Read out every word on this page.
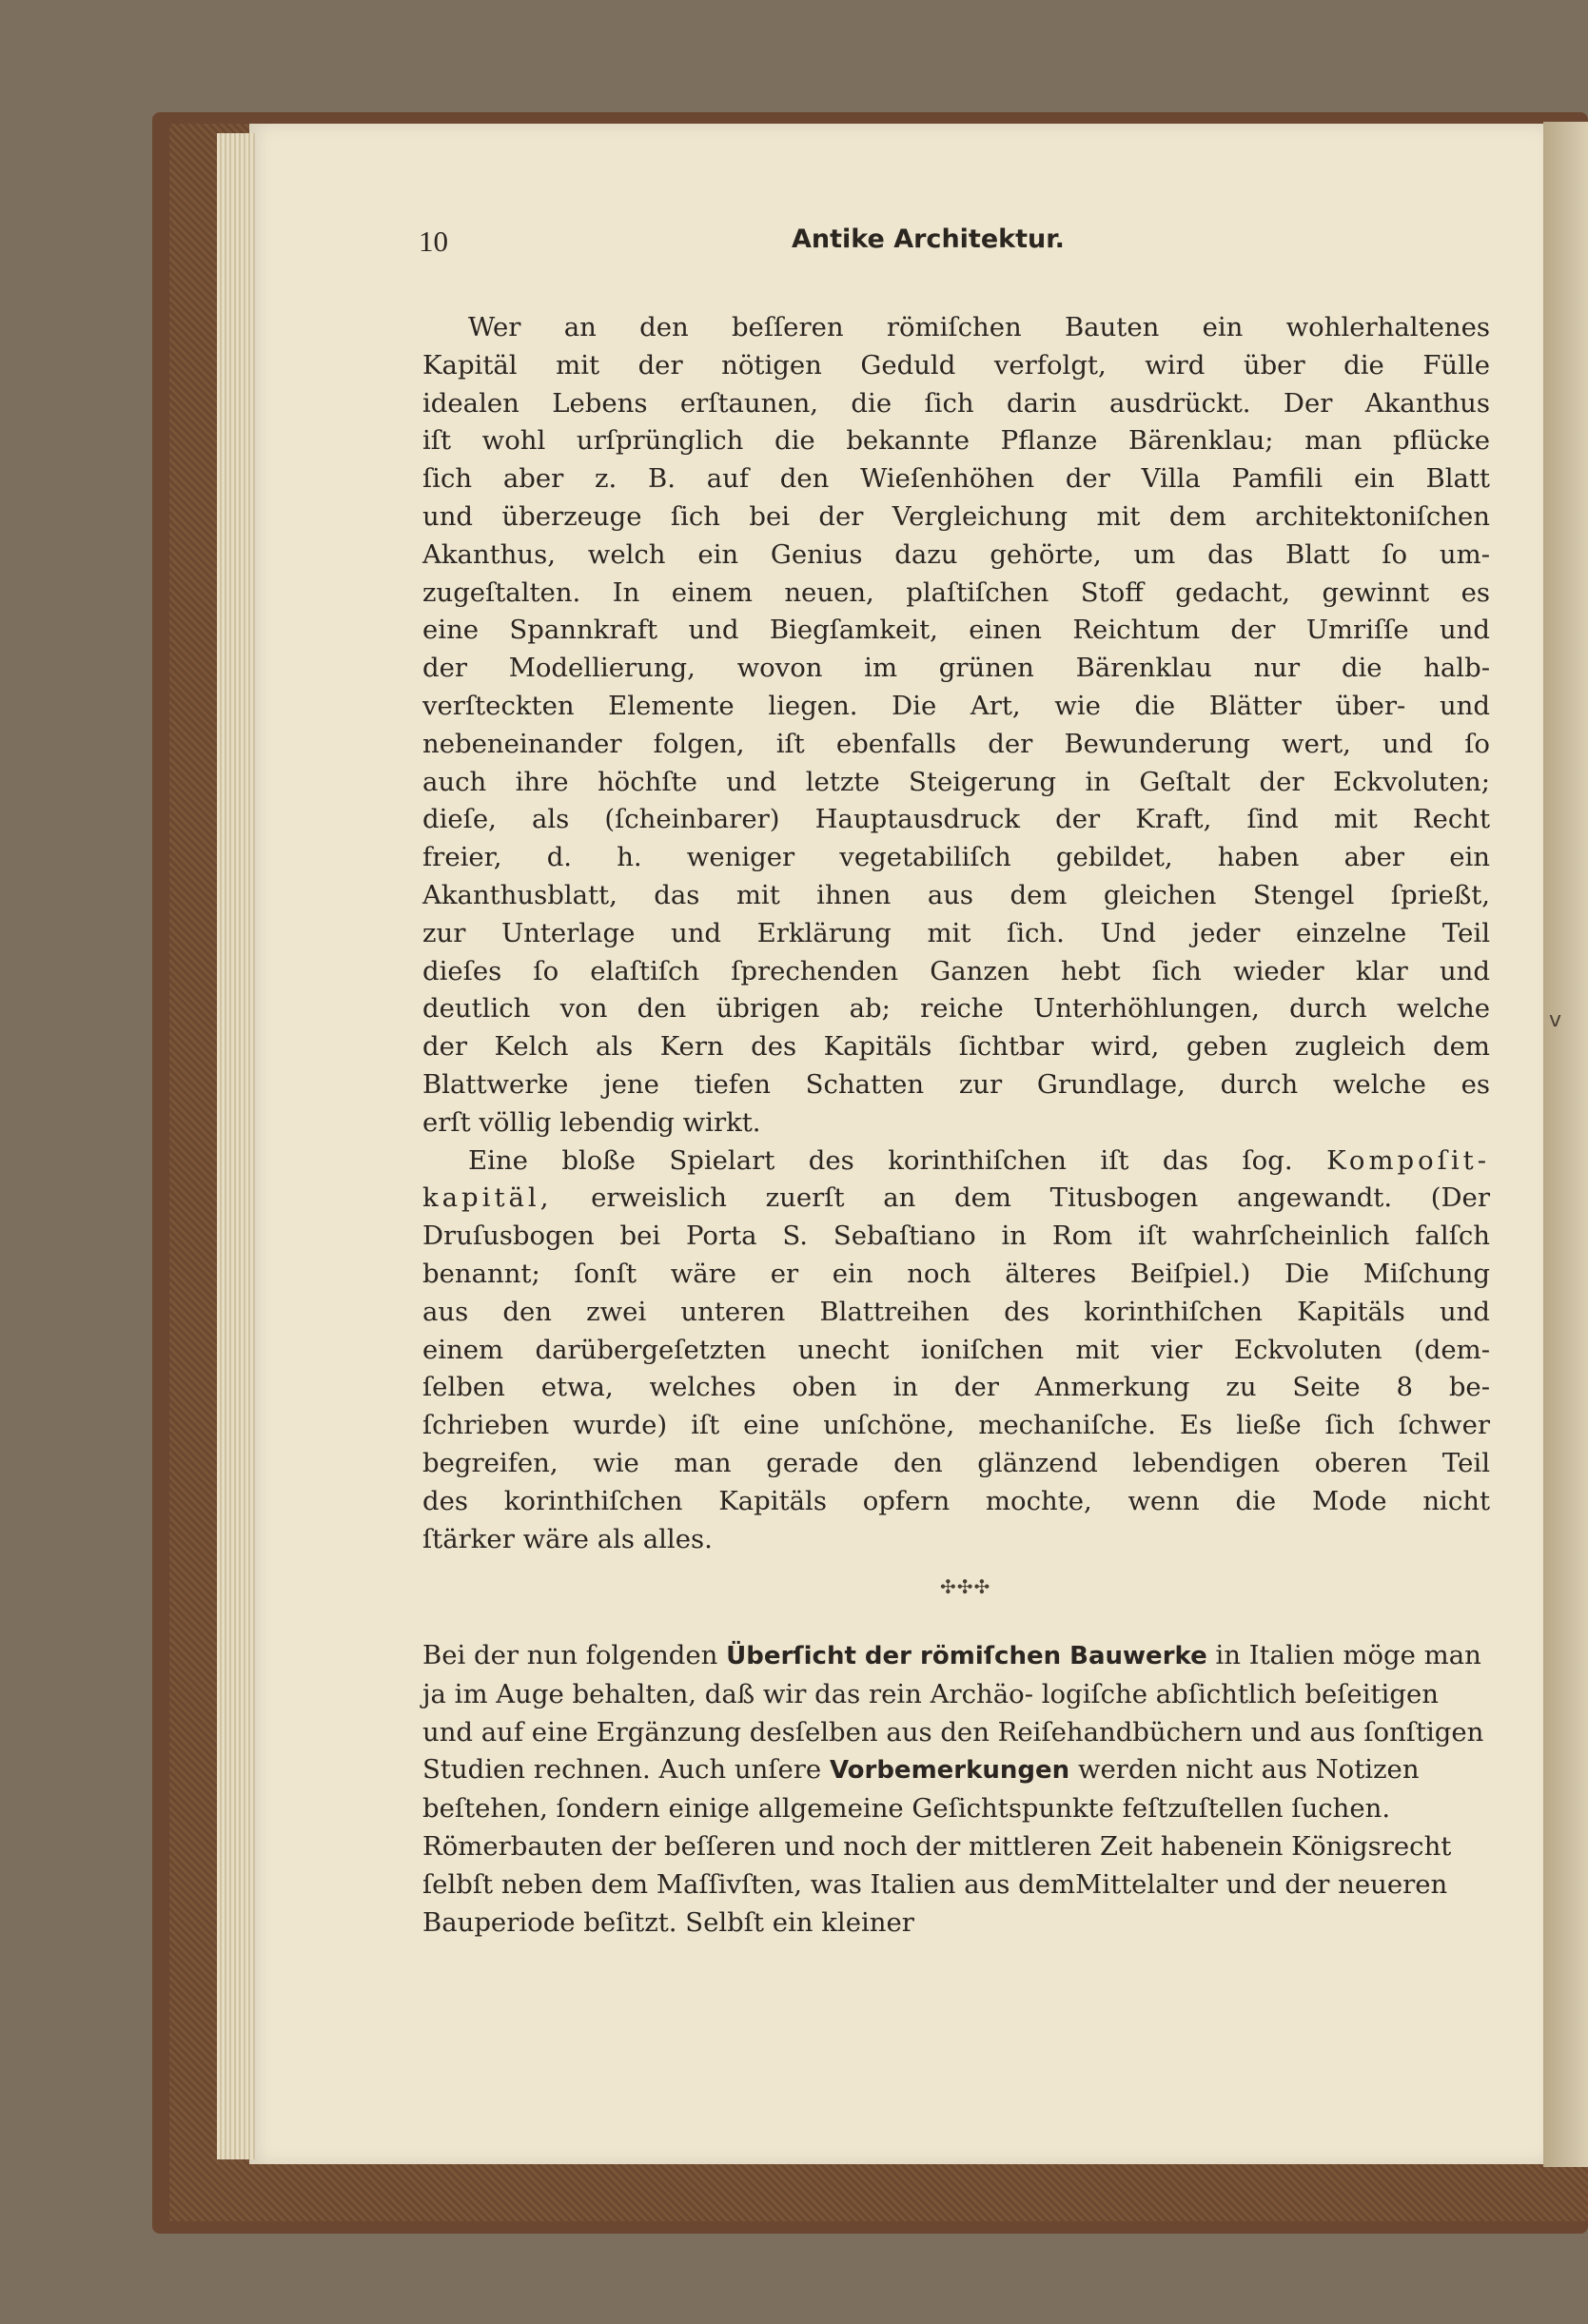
10	Antike Architektur.
Wer an den beſſeren römiſchen Bauten ein wohlerhaltenes
Kapitäl mit der nötigen Geduld verfolgt, wird über die Fülle
idealen Lebens erſtaunen, die ſich darin ausdrückt. Der Akanthus
iſt wohl urſprünglich die bekannte Pflanze Bärenklau; man pflücke
ſich aber z. B. auf den Wieſenhöhen der Villa Pamfili ein Blatt
und überzeuge ſich bei der Vergleichung mit dem architektoniſchen
Akanthus, welch ein Genius dazu gehörte, um das Blatt ſo um-
zugeſtalten. In einem neuen, plaſtiſchen Stoff gedacht, gewinnt es
eine Spannkraft und Biegſamkeit, einen Reichtum der Umriſſe und
der Modellierung, wovon im grünen Bärenklau nur die halb-
verſteckten Elemente liegen. Die Art, wie die Blätter über- und
nebeneinander folgen, iſt ebenfalls der Bewunderung wert, und ſo
auch ihre höchſte und letzte Steigerung in Geſtalt der Eckvoluten;
dieſe, als (ſcheinbarer) Hauptausdruck der Kraft, ſind mit Recht
freier, d. h. weniger vegetabiliſch gebildet, haben aber ein
Akanthusblatt, das mit ihnen aus dem gleichen Stengel ſprießt,
zur Unterlage und Erklärung mit ſich. Und jeder einzelne Teil
dieſes ſo elaſtiſch ſprechenden Ganzen hebt ſich wieder klar und
deutlich von den übrigen ab; reiche Unterhöhlungen, durch welche
der Kelch als Kern des Kapitäls ſichtbar wird, geben zugleich dem
Blattwerke jene tiefen Schatten zur Grundlage, durch welche es
erſt völlig lebendig wirkt.
Eine bloße Spielart des korinthiſchen iſt das ſog. Kompoſit-
kapitäl, erweislich zuerſt an dem Titusbogen angewandt. (Der
Druſusbogen bei Porta S. Sebaſtiano in Rom iſt wahrſcheinlich falſch
benannt; ſonſt wäre er ein noch älteres Beiſpiel.) Die Miſchung
aus den zwei unteren Blattreihen des korinthiſchen Kapitäls und
einem darübergeſetzten unecht ioniſchen mit vier Eckvoluten (dem-
ſelben etwa, welches oben in der Anmerkung zu Seite 8 be-
ſchrieben wurde) iſt eine unſchöne, mechaniſche. Es ließe ſich ſchwer
begreifen, wie man gerade den glänzend lebendigen oberen Teil
des korinthiſchen Kapitäls opfern mochte, wenn die Mode nicht
ſtärker wäre als alles.
✣✣✣
v
Bei der nun folgenden Überſicht der römiſchen Bauwerke in Italien möge man ja im Auge behalten, daß wir das rein Archäo- logiſche abſichtlich beſeitigen und auf eine Ergänzung desſelben aus den Reiſehandbüchern und aus ſonſtigen Studien rechnen. Auch unſere Vorbemerkungen werden nicht aus Notizen beſtehen, ſondern einige allgemeine Geſichtspunkte feſtzuſtellen ſuchen.
Römerbauten der beſſeren und noch der mittleren Zeit habenein Königsrecht ſelbſt neben dem Maſſivſten, was Italien aus demMittelalter und der neueren Bauperiode beſitzt. Selbſt ein kleiner
